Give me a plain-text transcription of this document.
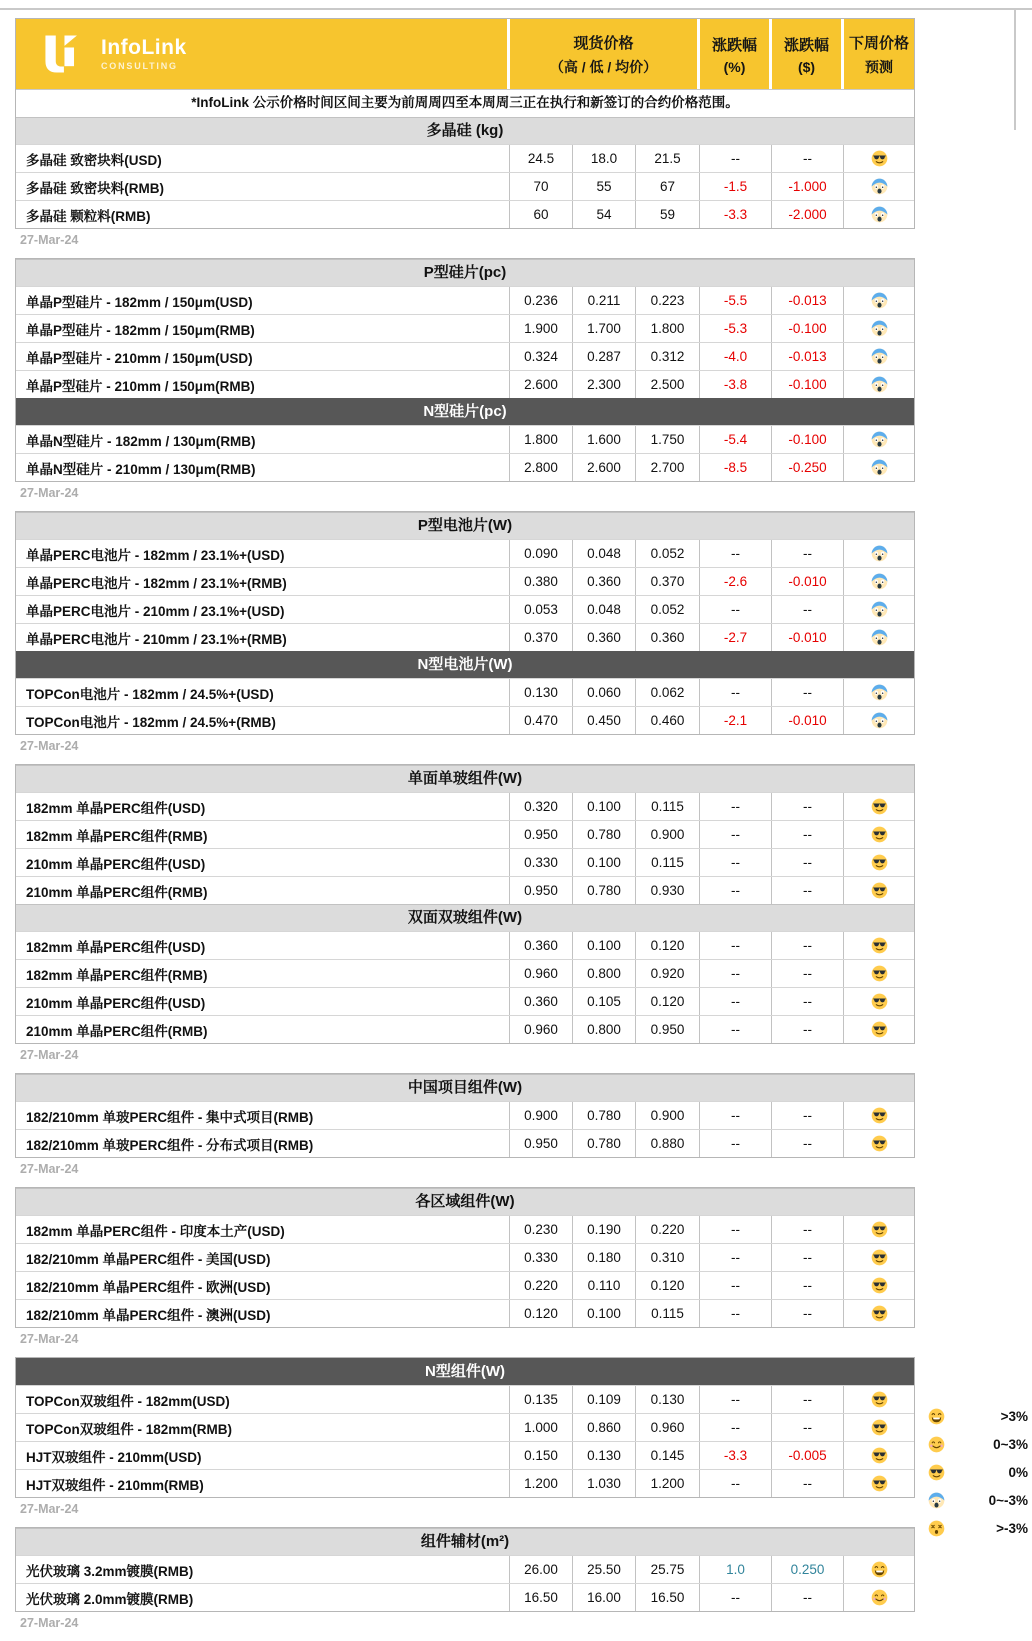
InfoLink
CONSULTING
现货价格
（高 / 低 / 均价）
涨跌幅
(%)
涨跌幅
($)
下周价格
预测
*InfoLink 公示价格时间区间主要为前周周四至本周周三正在执行和新签订的合约价格范围。
多晶硅 (kg)
多晶硅 致密块料(USD)	24.5	18.0	21.5	--	--
多晶硅 致密块料(RMB)	70	55	67	-1.5	-1.000
多晶硅 颗粒料(RMB)	60	54	59	-3.3	-2.000
27-Mar-24
P型硅片(pc)
单晶P型硅片 - 182mm / 150μm(USD)	0.236	0.211	0.223	-5.5	-0.013
单晶P型硅片 - 182mm / 150μm(RMB)	1.900	1.700	1.800	-5.3	-0.100
单晶P型硅片 - 210mm / 150μm(USD)	0.324	0.287	0.312	-4.0	-0.013
单晶P型硅片 - 210mm / 150μm(RMB)	2.600	2.300	2.500	-3.8	-0.100
N型硅片(pc)
单晶N型硅片 - 182mm / 130μm(RMB)	1.800	1.600	1.750	-5.4	-0.100
单晶N型硅片 - 210mm / 130μm(RMB)	2.800	2.600	2.700	-8.5	-0.250
27-Mar-24
P型电池片(W)
单晶PERC电池片 - 182mm / 23.1%+(USD)	0.090	0.048	0.052	--	--
单晶PERC电池片 - 182mm / 23.1%+(RMB)	0.380	0.360	0.370	-2.6	-0.010
单晶PERC电池片 - 210mm / 23.1%+(USD)	0.053	0.048	0.052	--	--
单晶PERC电池片 - 210mm / 23.1%+(RMB)	0.370	0.360	0.360	-2.7	-0.010
N型电池片(W)
TOPCon电池片 - 182mm / 24.5%+(USD)	0.130	0.060	0.062	--	--
TOPCon电池片 - 182mm / 24.5%+(RMB)	0.470	0.450	0.460	-2.1	-0.010
27-Mar-24
单面单玻组件(W)
182mm 单晶PERC组件(USD)	0.320	0.100	0.115	--	--
182mm 单晶PERC组件(RMB)	0.950	0.780	0.900	--	--
210mm 单晶PERC组件(USD)	0.330	0.100	0.115	--	--
210mm 单晶PERC组件(RMB)	0.950	0.780	0.930	--	--
双面双玻组件(W)
182mm 单晶PERC组件(USD)	0.360	0.100	0.120	--	--
182mm 单晶PERC组件(RMB)	0.960	0.800	0.920	--	--
210mm 单晶PERC组件(USD)	0.360	0.105	0.120	--	--
210mm 单晶PERC组件(RMB)	0.960	0.800	0.950	--	--
27-Mar-24
中国项目组件(W)
182/210mm 单玻PERC组件 - 集中式项目(RMB)	0.900	0.780	0.900	--	--
182/210mm 单玻PERC组件 - 分布式项目(RMB)	0.950	0.780	0.880	--	--
27-Mar-24
各区域组件(W)
182mm 单晶PERC组件 - 印度本土产(USD)	0.230	0.190	0.220	--	--
182/210mm 单晶PERC组件 - 美国(USD)	0.330	0.180	0.310	--	--
182/210mm 单晶PERC组件 - 欧洲(USD)	0.220	0.110	0.120	--	--
182/210mm 单晶PERC组件 - 澳洲(USD)	0.120	0.100	0.115	--	--
27-Mar-24
N型组件(W)
TOPCon双玻组件 - 182mm(USD)	0.135	0.109	0.130	--	--
TOPCon双玻组件 - 182mm(RMB)	1.000	0.860	0.960	--	--
HJT双玻组件 - 210mm(USD)	0.150	0.130	0.145	-3.3	-0.005
HJT双玻组件 - 210mm(RMB)	1.200	1.030	1.200	--	--
27-Mar-24
组件辅材(m²)
光伏玻璃 3.2mm镀膜(RMB)	26.00	25.50	25.75	1.0	0.250
光伏玻璃 2.0mm镀膜(RMB)	16.50	16.00	16.50	--	--
27-Mar-24
>3%
0~3%
0%
0~-3%
>-3%
